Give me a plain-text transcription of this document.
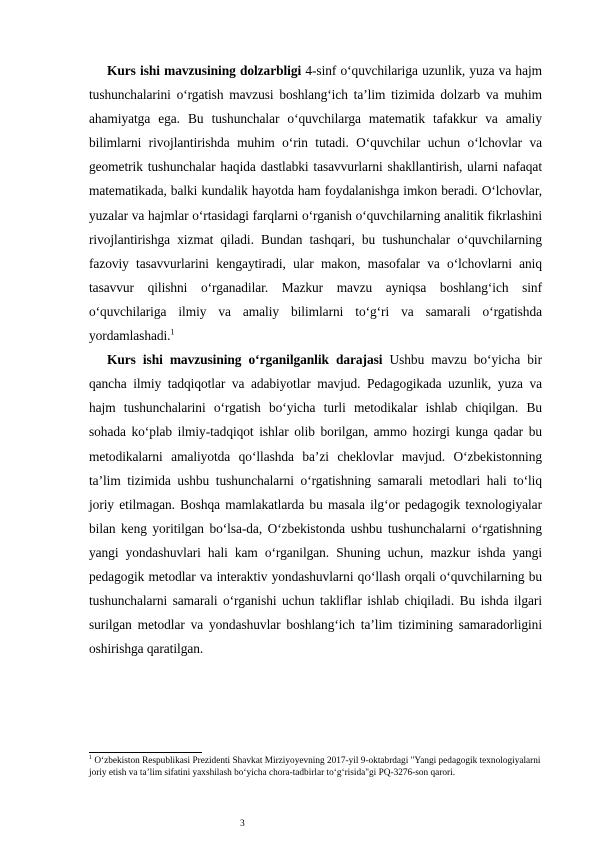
Kurs ishi mavzusining dolzarbligi 4-sinf o‘quvchilariga uzunlik, yuza va hajm tushunchalarini o‘rgatish mavzusi boshlang‘ich ta’lim tizimida dolzarb va muhim ahamiyatga ega. Bu tushunchalar o‘quvchilarga matematik tafakkur va amaliy bilimlarni rivojlantirishda muhim o‘rin tutadi. O‘quvchilar uchun o‘lchovlar va geometrik tushunchalar haqida dastlabki tasavvurlarni shakllantirish, ularni nafaqat matematikada, balki kundalik hayotda ham foydalanishga imkon beradi. O‘lchovlar, yuzalar va hajmlar o‘rtasidagi farqlarni o‘rganish o‘quvchilarning analitik fikrlashini rivojlantirishga xizmat qiladi. Bundan tashqari, bu tushunchalar o‘quvchilarning fazoviy tasavvurlarini kengaytiradi, ular makon, masofalar va o‘lchovlarni aniq tasavvur qilishni o‘rganadilar. Mazkur mavzu ayniqsa boshlang‘ich sinf o‘quvchilariga ilmiy va amaliy bilimlarni to‘g‘ri va samarali o‘rgatishda yordamlashadi.$^1$

Kurs ishi mavzusining o‘rganilganlik darajasi Ushbu mavzu bo‘yicha bir qancha ilmiy tadqiqotlar va adabiyotlar mavjud. Pedagogikada uzunlik, yuza va hajm tushunchalarini o‘rgatish bo‘yicha turli metodikalar ishlab chiqilgan. Bu sohada ko‘plab ilmiy-tadqiqot ishlar olib borilgan, ammo hozirgi kunga qadar bu metodikalarni amaliyotda qo‘llashda ba’zi cheklovlar mavjud. O‘zbekistonning ta’lim tizimida ushbu tushunchalarni o‘rgatishning samarali metodlari hali to‘liq joriy etilmagan. Boshqa mamlakatlarda bu masala ilg‘or pedagogik texnologiyalar bilan keng yoritilgan bo‘lsa-da, O‘zbekistonda ushbu tushunchalarni o‘rgatishning yangi yondashuvlari hali kam o‘rganilgan. Shuning uchun, mazkur ishda yangi pedagogik metodlar va interaktiv yondashuvlarni qo‘llash orqali o‘quvchilarning bu tushunchalarni samarali o‘rganishi uchun takliflar ishlab chiqiladi. Bu ishda ilgari surilgan metodlar va yondashuvlar boshlang‘ich ta’lim tizimining samaradorligini oshirishga qaratilgan.

$^1$ O‘zbekiston Respublikasi Prezidenti Shavkat Mirziyoyevning 2017-yil 9-oktabrdagi "Yangi pedagogik texnologiyalarni joriy etish va ta’lim sifatini yaxshilash bo‘yicha chora-tadbirlar to‘g‘risida"gi PQ-3276-son qarori.

3
